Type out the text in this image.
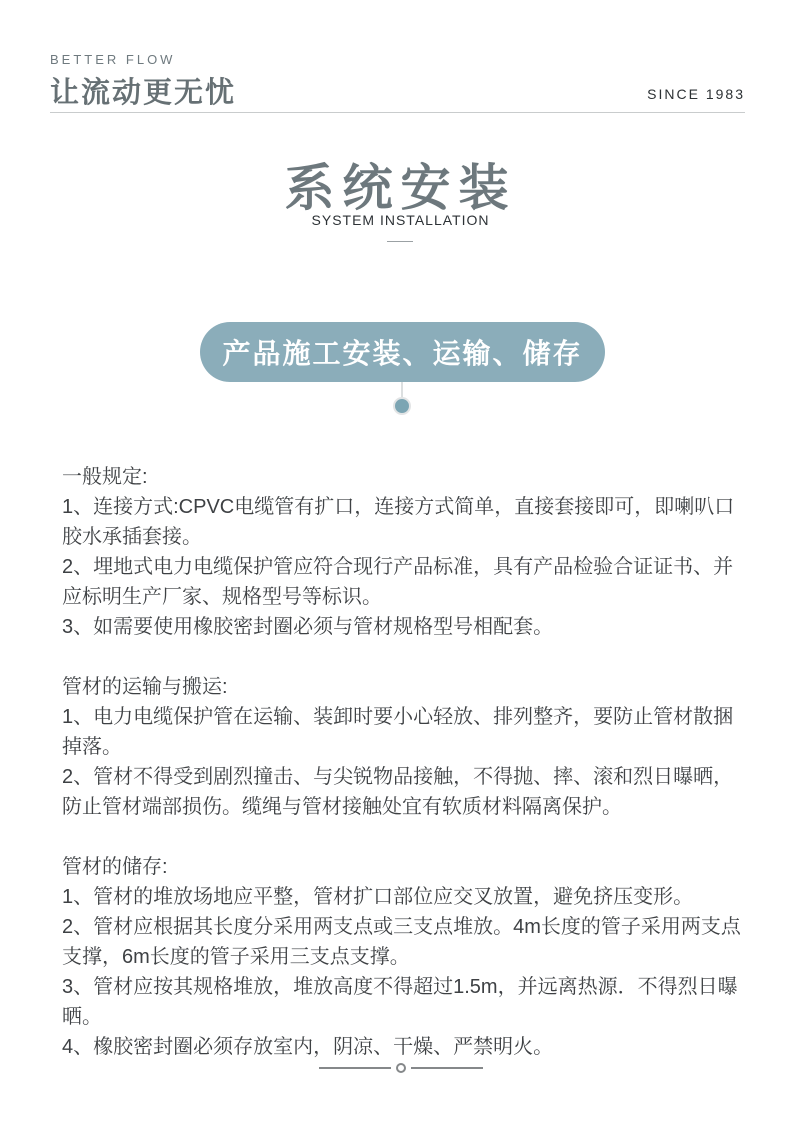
BETTER FLOW
让流动更无忧	SINCE 1983
系统安装
SYSTEM INSTALLATION
产品施工安装、运输、储存
一般规定:
1、连接方式:CPVC电缆管有扩口，连接方式简单，直接套接即可，即喇叭口胶水承插套接。
2、埋地式电力电缆保护管应符合现行产品标准，具有产品检验合证证书、并应标明生产厂家、规格型号等标识。
3、如需要使用橡胶密封圈必须与管材规格型号相配套。
管材的运输与搬运:
1、电力电缆保护管在运输、装卸时要小心轻放、排列整齐，要防止管材散捆掉落。
2、管材不得受到剧烈撞击、与尖锐物品接触，不得抛、摔、滚和烈日曝晒，防止管材端部损伤。缆绳与管材接触处宜有软质材料隔离保护。
管材的储存:
1、管材的堆放场地应平整，管材扩口部位应交叉放置，避免挤压变形。
2、管材应根据其长度分采用两支点或三支点堆放。4m长度的管子采用两支点支撑，6m长度的管子采用三支点支撑。
3、管材应按其规格堆放，堆放高度不得超过1.5m，并远离热源．不得烈日曝晒。
4、橡胶密封圈必须存放室内，阴凉、干燥、严禁明火。
